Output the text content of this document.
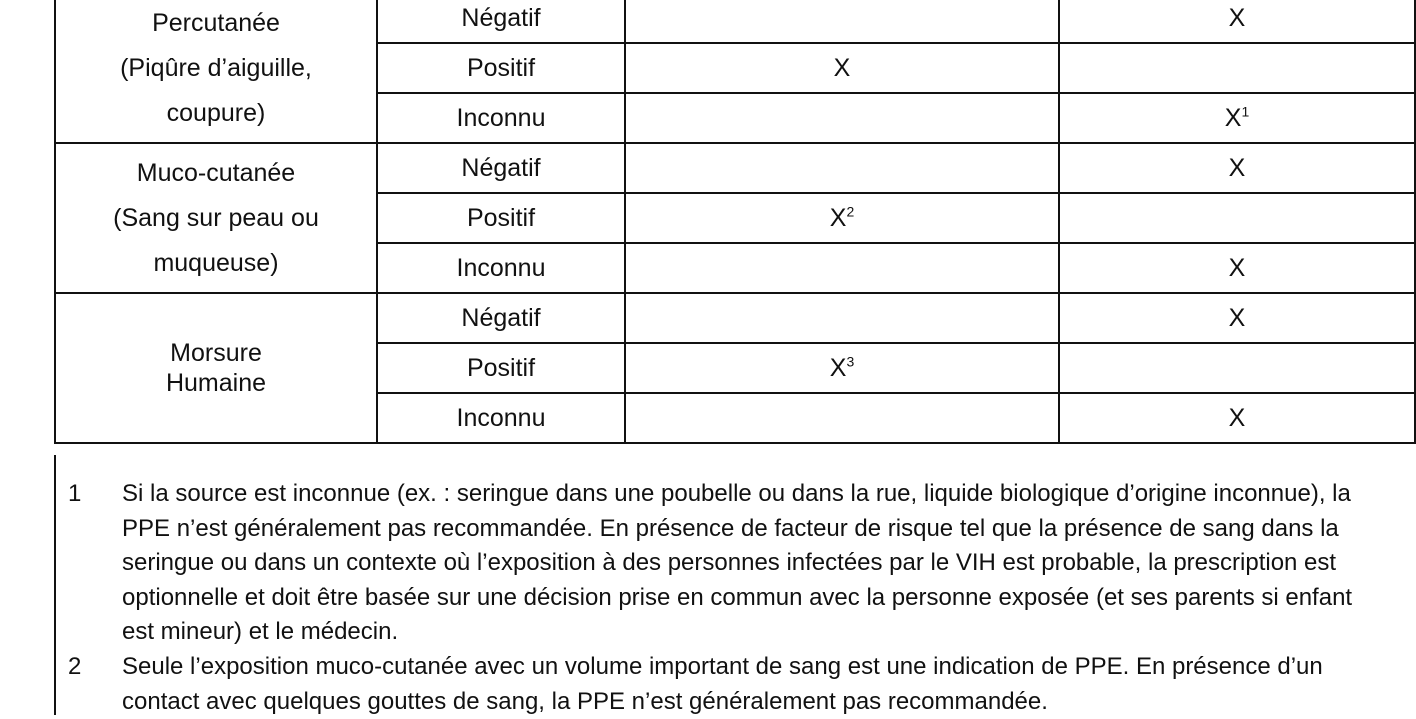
Percutanée
(Piqûre d’aiguille,
coupure)	Négatif		X
	Positif	X	
	Inconnu		$X^1$

Muco-cutanée
(Sang sur peau ou
muqueuse)	Négatif		X
	Positif	$X^2$	
	Inconnu		X

Morsure
Humaine	Négatif		X
	Positif	$X^3$	
	Inconnu		X
1 Si la source est inconnue (ex. : seringue dans une poubelle ou dans la rue, liquide biologique d’origine inconnue), la PPE n’est généralement pas recommandée. En présence de facteur de risque tel que la présence de sang dans la seringue ou dans un contexte où l’exposition à des personnes infectées par le VIH est probable, la prescription est optionnelle et doit être basée sur une décision prise en commun avec la personne exposée (et ses parents si enfant est mineur) et le médecin.
2 Seule l’exposition muco-cutanée avec un volume important de sang est une indication de PPE. En présence d’un contact avec quelques gouttes de sang, la PPE n’est généralement pas recommandée.
